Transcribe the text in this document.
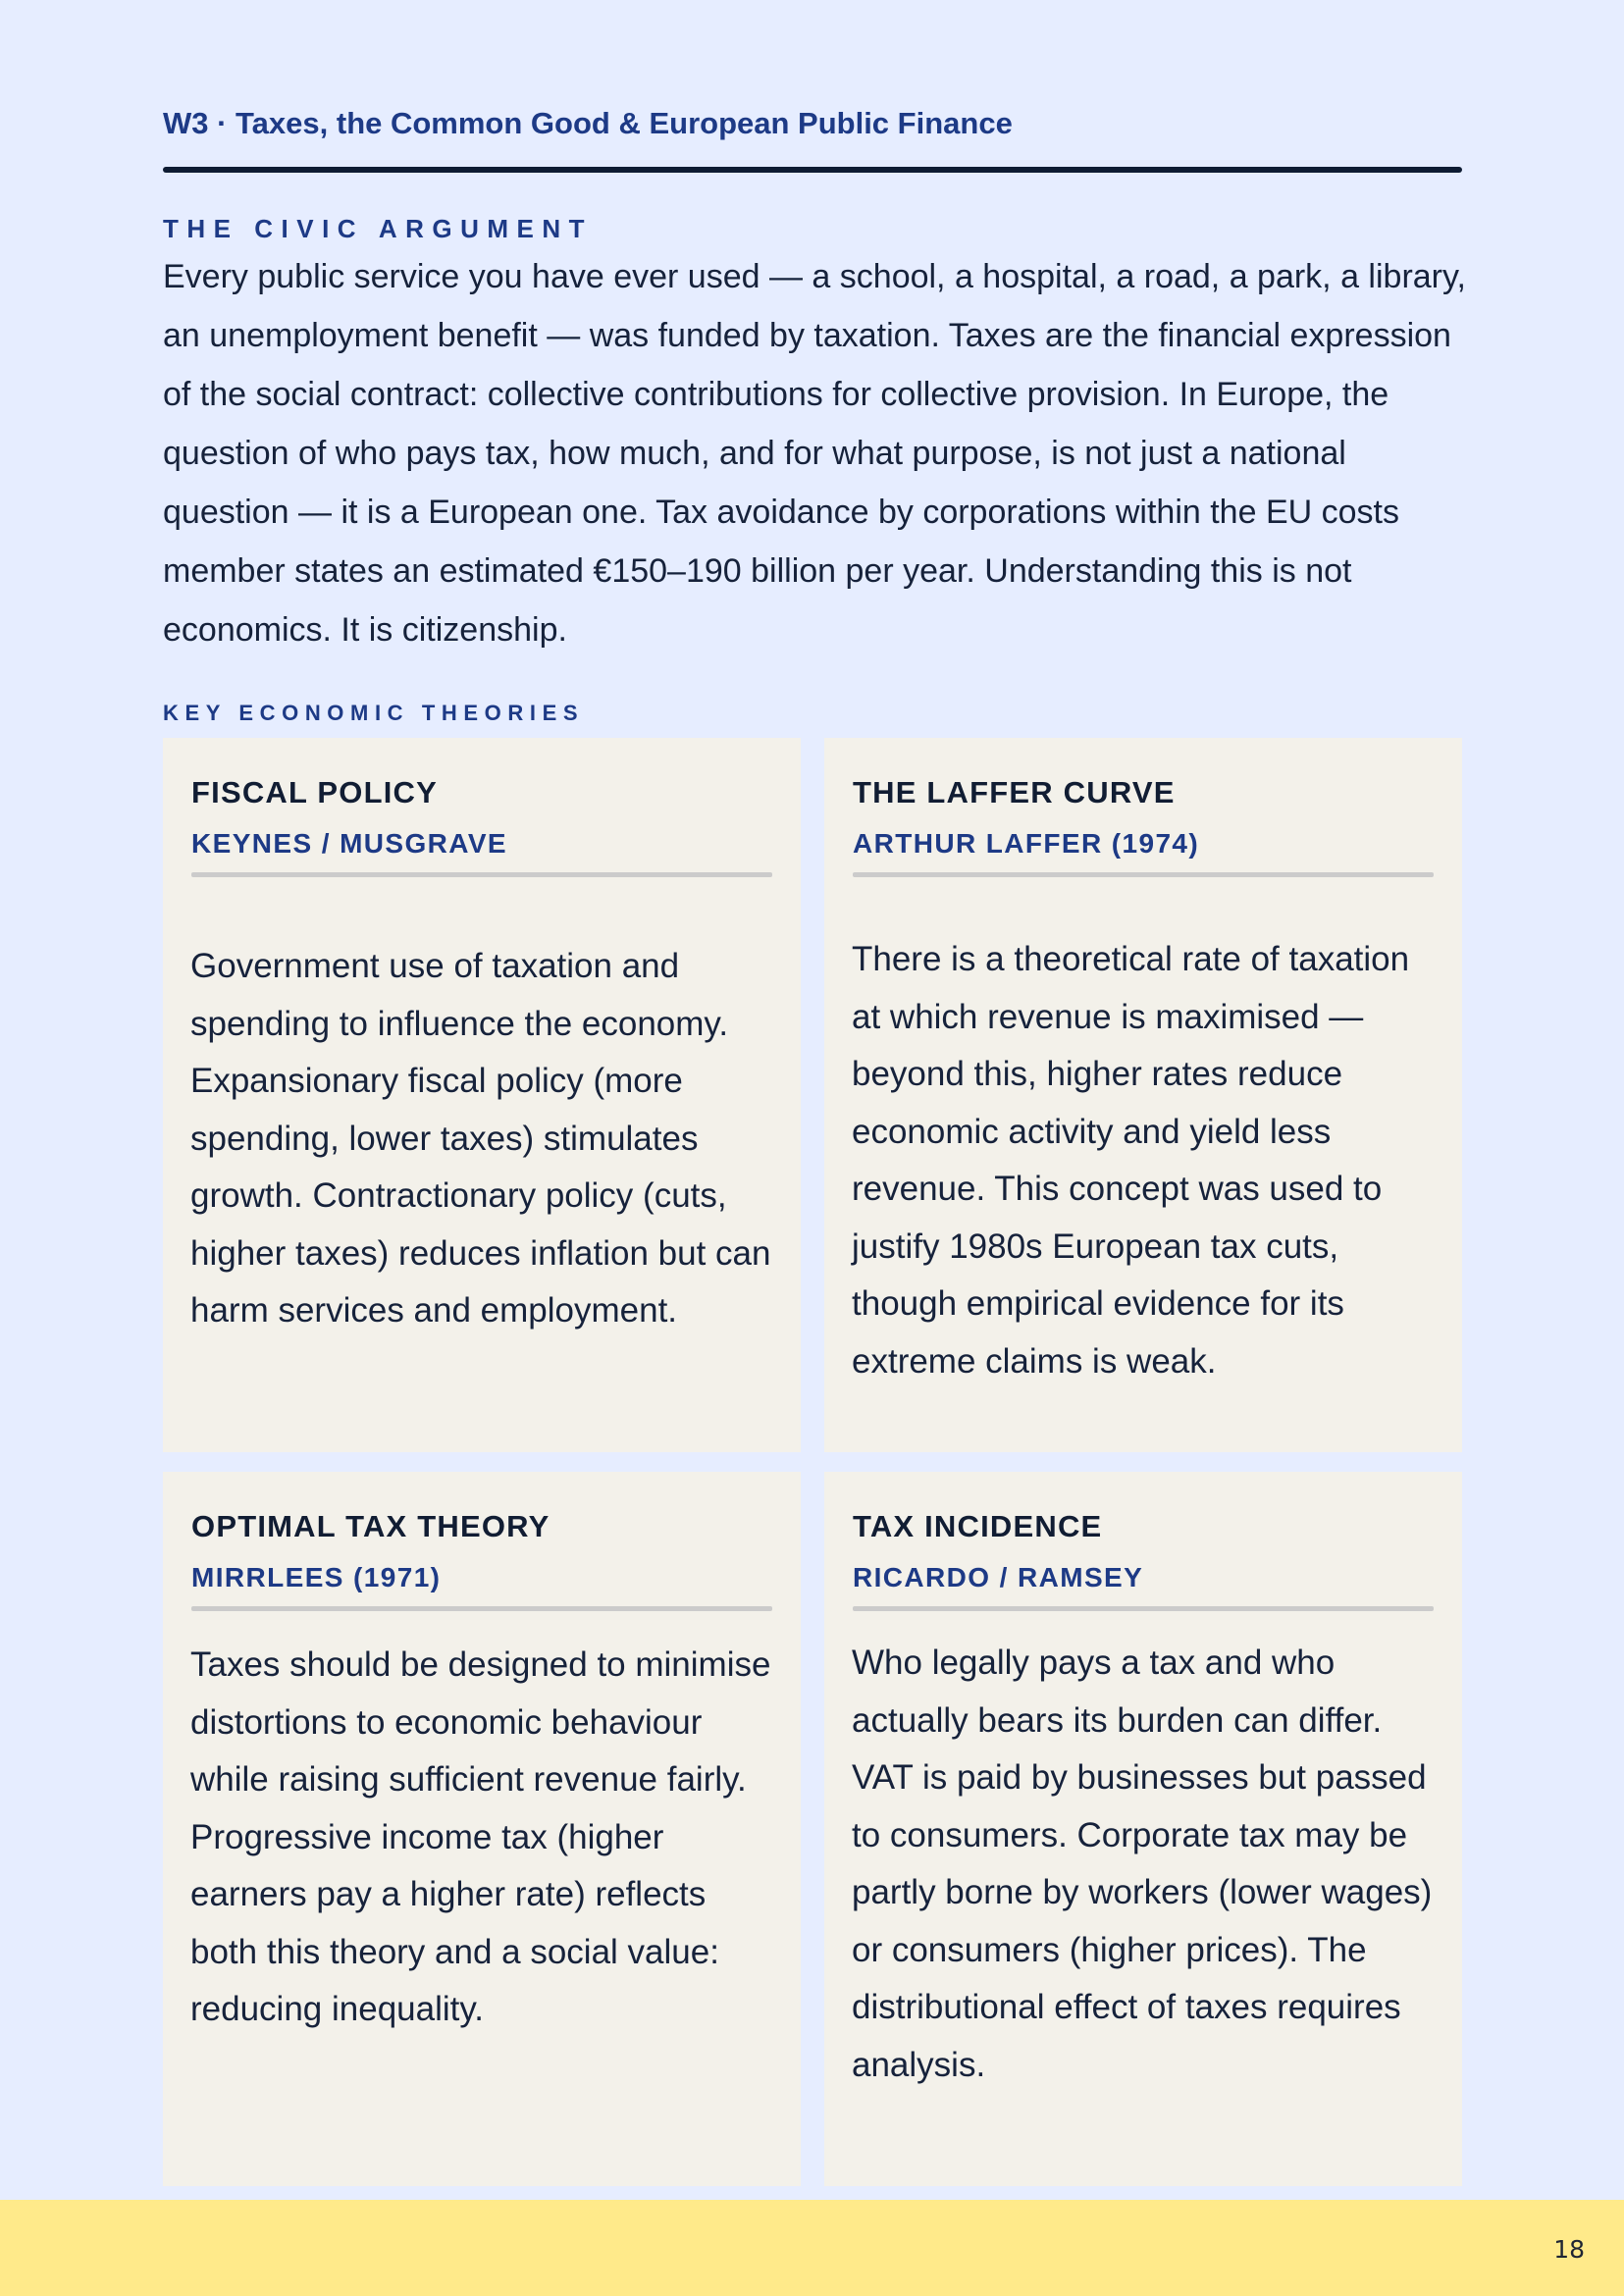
W3 · Taxes, the Common Good & European Public Finance
THE CIVIC ARGUMENT
Every public service you have ever used — a school, a hospital, a road, a park, a library, an unemployment benefit — was funded by taxation. Taxes are the financial expression of the social contract: collective contributions for collective provision. In Europe, the question of who pays tax, how much, and for what purpose, is not just a national question — it is a European one. Tax avoidance by corporations within the EU costs member states an estimated €150–190 billion per year. Understanding this is not economics. It is citizenship.
KEY ECONOMIC THEORIES
FISCAL POLICY
KEYNES / MUSGRAVE
Government use of taxation and spending to influence the economy. Expansionary fiscal policy (more spending, lower taxes) stimulates growth. Contractionary policy (cuts, higher taxes) reduces inflation but can harm services and employment.
THE LAFFER CURVE
ARTHUR LAFFER (1974)
There is a theoretical rate of taxation at which revenue is maximised — beyond this, higher rates reduce economic activity and yield less revenue. This concept was used to justify 1980s European tax cuts, though empirical evidence for its extreme claims is weak.
OPTIMAL TAX THEORY
MIRRLEES (1971)
Taxes should be designed to minimise distortions to economic behaviour while raising sufficient revenue fairly. Progressive income tax (higher earners pay a higher rate) reflects both this theory and a social value: reducing inequality.
TAX INCIDENCE
RICARDO / RAMSEY
Who legally pays a tax and who actually bears its burden can differ. VAT is paid by businesses but passed to consumers. Corporate tax may be partly borne by workers (lower wages) or consumers (higher prices). The distributional effect of taxes requires analysis.
18
